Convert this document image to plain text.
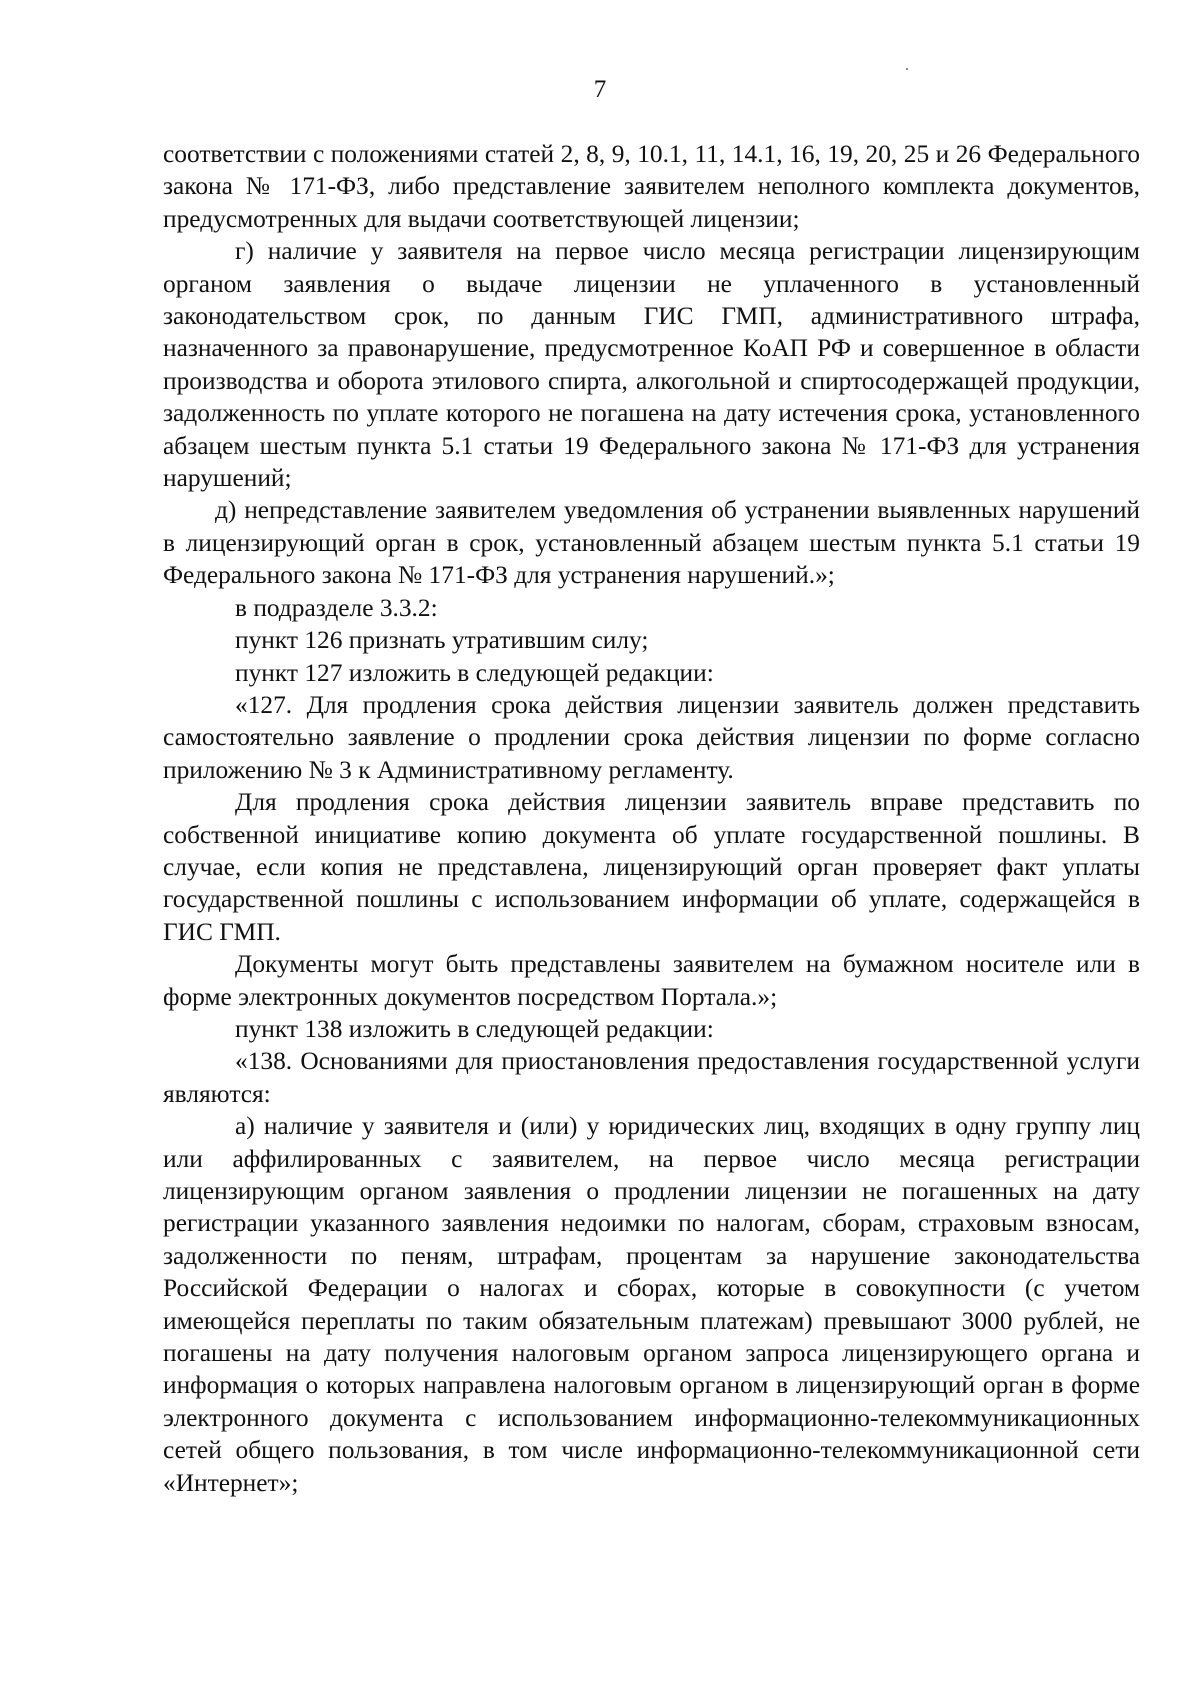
7

соответствии с положениями статей 2, 8, 9, 10.1, 11, 14.1, 16, 19, 20, 25 и 26 Федерального закона № 171-ФЗ, либо представление заявителем неполного комплекта документов, предусмотренных для выдачи соответствующей лицензии;

г) наличие у заявителя на первое число месяца регистрации лицензирующим органом заявления о выдаче лицензии не уплаченного в установленный законодательством срок, по данным ГИС ГМП, административного штрафа, назначенного за правонарушение, предусмотренное КоАП РФ и совершенное в области производства и оборота этилового спирта, алкогольной и спиртосодержащей продукции, задолженность по уплате которого не погашена на дату истечения срока, установленного абзацем шестым пункта 5.1 статьи 19 Федерального закона № 171-ФЗ для устранения нарушений;

д) непредставление заявителем уведомления об устранении выявленных нарушений в лицензирующий орган в срок, установленный абзацем шестым пункта 5.1 статьи 19 Федерального закона № 171-ФЗ для устранения нарушений.»;

в подразделе 3.3.2:

пункт 126 признать утратившим силу;

пункт 127 изложить в следующей редакции:

«127. Для продления срока действия лицензии заявитель должен представить самостоятельно заявление о продлении срока действия лицензии по форме согласно приложению № 3 к Административному регламенту.

Для продления срока действия лицензии заявитель вправе представить по собственной инициативе копию документа об уплате государственной пошлины. В случае, если копия не представлена, лицензирующий орган проверяет факт уплаты государственной пошлины с использованием информации об уплате, содержащейся в ГИС ГМП.

Документы могут быть представлены заявителем на бумажном носителе или в форме электронных документов посредством Портала.»;

пункт 138 изложить в следующей редакции:

«138. Основаниями для приостановления предоставления государственной услуги являются:

а) наличие у заявителя и (или) у юридических лиц, входящих в одну группу лиц или аффилированных с заявителем, на первое число месяца регистрации лицензирующим органом заявления о продлении лицензии не погашенных на дату регистрации указанного заявления недоимки по налогам, сборам, страховым взносам, задолженности по пеням, штрафам, процентам за нарушение законодательства Российской Федерации о налогах и сборах, которые в совокупности (с учетом имеющейся переплаты по таким обязательным платежам) превышают 3000 рублей, не погашены на дату получения налоговым органом запроса лицензирующего органа и информация о которых направлена налоговым органом в лицензирующий орган в форме электронного документа с использованием информационно-телекоммуникационных сетей общего пользования, в том числе информационно-телекоммуникационной сети «Интернет»;
